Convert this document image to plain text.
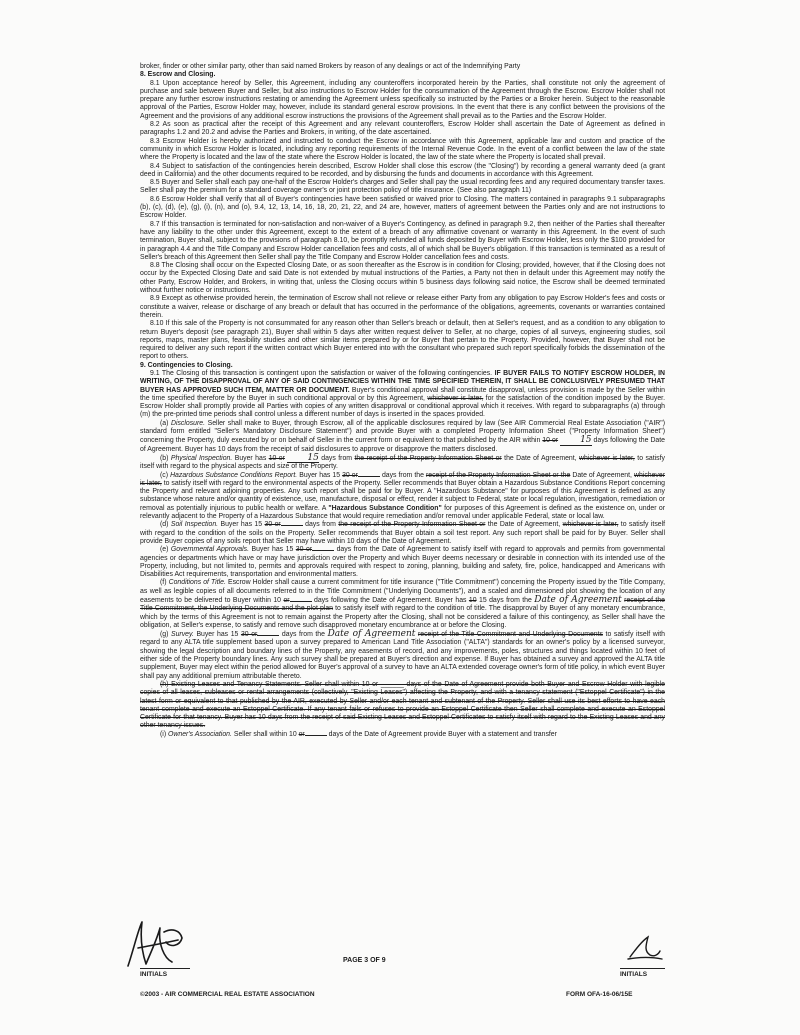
broker, finder or other similar party, other than said named Brokers by reason of any dealings or act of the Indemnifying Party

8. Escrow and Closing.

8.1 Upon acceptance hereof by Seller, this Agreement, including any counteroffers incorporated herein by the Parties, shall constitute not only the agreement of purchase and sale between Buyer and Seller, but also instructions to Escrow Holder for the consummation of the Agreement through the Escrow. Escrow Holder shall not prepare any further escrow instructions restating or amending the Agreement unless specifically so instructed by the Parties or a Broker herein. Subject to the reasonable approval of the Parties, Escrow Holder may, however, include its standard general escrow provisions. In the event that there is any conflict between the provisions of the Agreement and the provisions of any additional escrow instructions the provisions of the Agreement shall prevail as to the Parties and the Escrow Holder.

8.2 As soon as practical after the receipt of this Agreement and any relevant counteroffers, Escrow Holder shall ascertain the Date of Agreement as defined in paragraphs 1.2 and 20.2 and advise the Parties and Brokers, in writing, of the date ascertained.

8.3 Escrow Holder is hereby authorized and instructed to conduct the Escrow in accordance with this Agreement, applicable law and custom and practice of the community in which Escrow Holder is located, including any reporting requirements of the Internal Revenue Code. In the event of a conflict between the law of the state where the Property is located and the law of the state where the Escrow Holder is located, the law of the state where the Property is located shall prevail.

8.4 Subject to satisfaction of the contingencies herein described, Escrow Holder shall close this escrow (the "Closing") by recording a general warranty deed (a grant deed in California) and the other documents required to be recorded, and by disbursing the funds and documents in accordance with this Agreement.

8.5 Buyer and Seller shall each pay one-half of the Escrow Holder's charges and Seller shall pay the usual recording fees and any required documentary transfer taxes. Seller shall pay the premium for a standard coverage owner's or joint protection policy of title insurance. (See also paragraph 11)

8.6 Escrow Holder shall verify that all of Buyer's contingencies have been satisfied or waived prior to Closing. The matters contained in paragraphs 9.1 subparagraphs (b), (c), (d), (e), (g), (i), (n), and (o), 9.4, 12, 13, 14, 16, 18, 20, 21, 22, and 24 are, however, matters of agreement between the Parties only and are not instructions to Escrow Holder.

8.7 If this transaction is terminated for non-satisfaction and non-waiver of a Buyer's Contingency, as defined in paragraph 9.2, then neither of the Parties shall thereafter have any liability to the other under this Agreement, except to the extent of a breach of any affirmative covenant or warranty in this Agreement. In the event of such termination, Buyer shall, subject to the provisions of paragraph 8.10, be promptly refunded all funds deposited by Buyer with Escrow Holder, less only the $100 provided for in paragraph 4.4 and the Title Company and Escrow Holder cancellation fees and costs, all of which shall be Buyer's obligation. If this transaction is terminated as a result of Seller's breach of this Agreement then Seller shall pay the Title Company and Escrow Holder cancellation fees and costs.

8.8 The Closing shall occur on the Expected Closing Date, or as soon thereafter as the Escrow is in condition for Closing; provided, however, that if the Closing does not occur by the Expected Closing Date and said Date is not extended by mutual instructions of the Parties, a Party not then in default under this Agreement may notify the other Party, Escrow Holder, and Brokers, in writing that, unless the Closing occurs within 5 business days following said notice, the Escrow shall be deemed terminated without further notice or instructions.

8.9 Except as otherwise provided herein, the termination of Escrow shall not relieve or release either Party from any obligation to pay Escrow Holder's fees and costs or constitute a waiver, release or discharge of any breach or default that has occurred in the performance of the obligations, agreements, covenants or warranties contained therein.

8.10 If this sale of the Property is not consummated for any reason other than Seller's breach or default, then at Seller's request, and as a condition to any obligation to return Buyer's deposit (see paragraph 21), Buyer shall within 5 days after written request deliver to Seller, at no charge, copies of all surveys, engineering studies, soil reports, maps, master plans, feasibility studies and other similar items prepared by or for Buyer that pertain to the Property. Provided, however, that Buyer shall not be required to deliver any such report if the written contract which Buyer entered into with the consultant who prepared such report specifically forbids the dissemination of the report to others.

9. Contingencies to Closing.

9.1 The Closing of this transaction is contingent upon the satisfaction or waiver of the following contingencies. IF BUYER FAILS TO NOTIFY ESCROW HOLDER, IN WRITING, OF THE DISAPPROVAL OF ANY OF SAID CONTINGENCIES WITHIN THE TIME SPECIFIED THEREIN, IT SHALL BE CONCLUSIVELY PRESUMED THAT BUYER HAS APPROVED SUCH ITEM, MATTER OR DOCUMENT. Buyer's conditional approval shall constitute disapproval, unless provision is made by the Seller within the time specified therefore by the Buyer in such conditional approval or by this Agreement, whichever is later, for the satisfaction of the condition imposed by the Buyer. Escrow Holder shall promptly provide all Parties with copies of any written disapproval or conditional approval which it receives. With regard to subparagraphs (a) through (m) the pre-printed time periods shall control unless a different number of days is inserted in the spaces provided.

(a) Disclosure. Seller shall make to Buyer, through Escrow, all of the applicable disclosures required by law (See AIR Commercial Real Estate Association ("AIR") standard form entitled "Seller's Mandatory Disclosure Statement") and provide Buyer with a completed Property Information Sheet ("Property Information Sheet") concerning the Property, duly executed by or on behalf of Seller in the current form or equivalent to that published by the AIR within 10 or 15 days following the Date of Agreement. Buyer has 10 days from the receipt of said disclosures to approve or disapprove the matters disclosed.

(b) Physical Inspection. Buyer has 10 or 15 days from the receipt of the Property Information Sheet or the Date of Agreement, whichever is later, to satisfy itself with regard to the physical aspects and size of the Property.

(c) Hazardous Substance Conditions Report. Buyer has 15 30 or	days from the receipt of the Property Information Sheet or the Date of Agreement, whichever is later, to satisfy itself with regard to the environmental aspects of the Property. Seller recommends that Buyer obtain a Hazardous Substance Conditions Report concerning the Property and relevant adjoining properties. Any such report shall be paid for by Buyer. A "Hazardous Substance" for purposes of this Agreement is defined as any substance whose nature and/or quantity of existence, use, manufacture, disposal or effect, render it subject to Federal, state or local regulation, investigation, remediation or removal as potentially injurious to public health or welfare. A "Hazardous Substance Condition" for purposes of this Agreement is defined as the existence on, under or relevantly adjacent to the Property of a Hazardous Substance that would require remediation and/or removal under applicable Federal, state or local law.

(d) Soil Inspection. Buyer has 15 30 or	days from the receipt of the Property Information Sheet or the Date of Agreement, whichever is later, to satisfy itself with regard to the condition of the soils on the Property. Seller recommends that Buyer obtain a soil test report. Any such report shall be paid for by Buyer. Seller shall provide Buyer copies of any soils report that Seller may have within 10 days of the Date of Agreement.

(e) Governmental Approvals. Buyer has 15 30 or	days from the Date of Agreement to satisfy itself with regard to approvals and permits from governmental agencies or departments which have or may have jurisdiction over the Property and which Buyer deems necessary or desirable in connection with its intended use of the Property, including, but not limited to, permits and approvals required with respect to zoning, planning, building and safety, fire, police, handicapped and Americans with Disabilities Act requirements, transportation and environmental matters.

(f) Conditions of Title. Escrow Holder shall cause a current commitment for title insurance ("Title Commitment") concerning the Property issued by the Title Company, as well as legible copies of all documents referred to in the Title Commitment ("Underlying Documents"), and a scaled and dimensioned plot showing the location of any easements to be delivered to Buyer within 10 or	days following the Date of Agreement. Buyer has 10 15 days from the Date of Agreement receipt of the Title Commitment, the Underlying Documents and the plot plan to satisfy itself with regard to the condition of title. The disapproval by Buyer of any monetary encumbrance, which by the terms of this Agreement is not to remain against the Property after the Closing, shall not be considered a failure of this contingency, as Seller shall have the obligation, at Seller's expense, to satisfy and remove such disapproved monetary encumbrance at or before the Closing.

(g) Survey. Buyer has 15 30 or	days from the Date of Agreement receipt of the Title Commitment and Underlying Documents to satisfy itself with regard to any ALTA title supplement based upon a survey prepared to American Land Title Association ("ALTA") standards for an owner's policy by a licensed surveyor, showing the legal description and boundary lines of the Property, any easements of record, and any improvements, poles, structures and things located within 10 feet of either side of the Property boundary lines. Any such survey shall be prepared at Buyer's direction and expense. If Buyer has obtained a survey and approved the ALTA title supplement, Buyer may elect within the period allowed for Buyer's approval of a survey to have an ALTA extended coverage owner's form of title policy, in which event Buyer shall pay any additional premium attributable thereto.

(h) Existing Leases and Tenancy Statements. Seller shall within 10 or ______ days of the Date of Agreement provide both Buyer and Escrow Holder with legible copies of all leases, subleases or rental arrangements (collectively, "Existing Leases") affecting the Property, and with a tenancy statement ("Estoppel Certificate") in the latest form or equivalent to that published by the AIR, executed by Seller and/or each tenant and subtenant of the Property. Seller shall use its best efforts to have each tenant complete and execute an Estoppel Certificate. If any tenant fails or refuses to provide an Estoppel Certificate then Seller shall complete and execute an Estoppel Certificate for that tenancy. Buyer has 10 days from the receipt of said Existing Leases and Estoppel Certificates to satisfy itself with regard to the Existing Leases and any other tenancy issues.

(i) Owner's Association. Seller shall within 10 or	days of the Date of Agreement provide Buyer with a statement and transfer

INITIALS	INITIALS
PAGE 3 OF 9
©2003 - AIR COMMERCIAL REAL ESTATE ASSOCIATION	FORM OFA-16-06/15E
